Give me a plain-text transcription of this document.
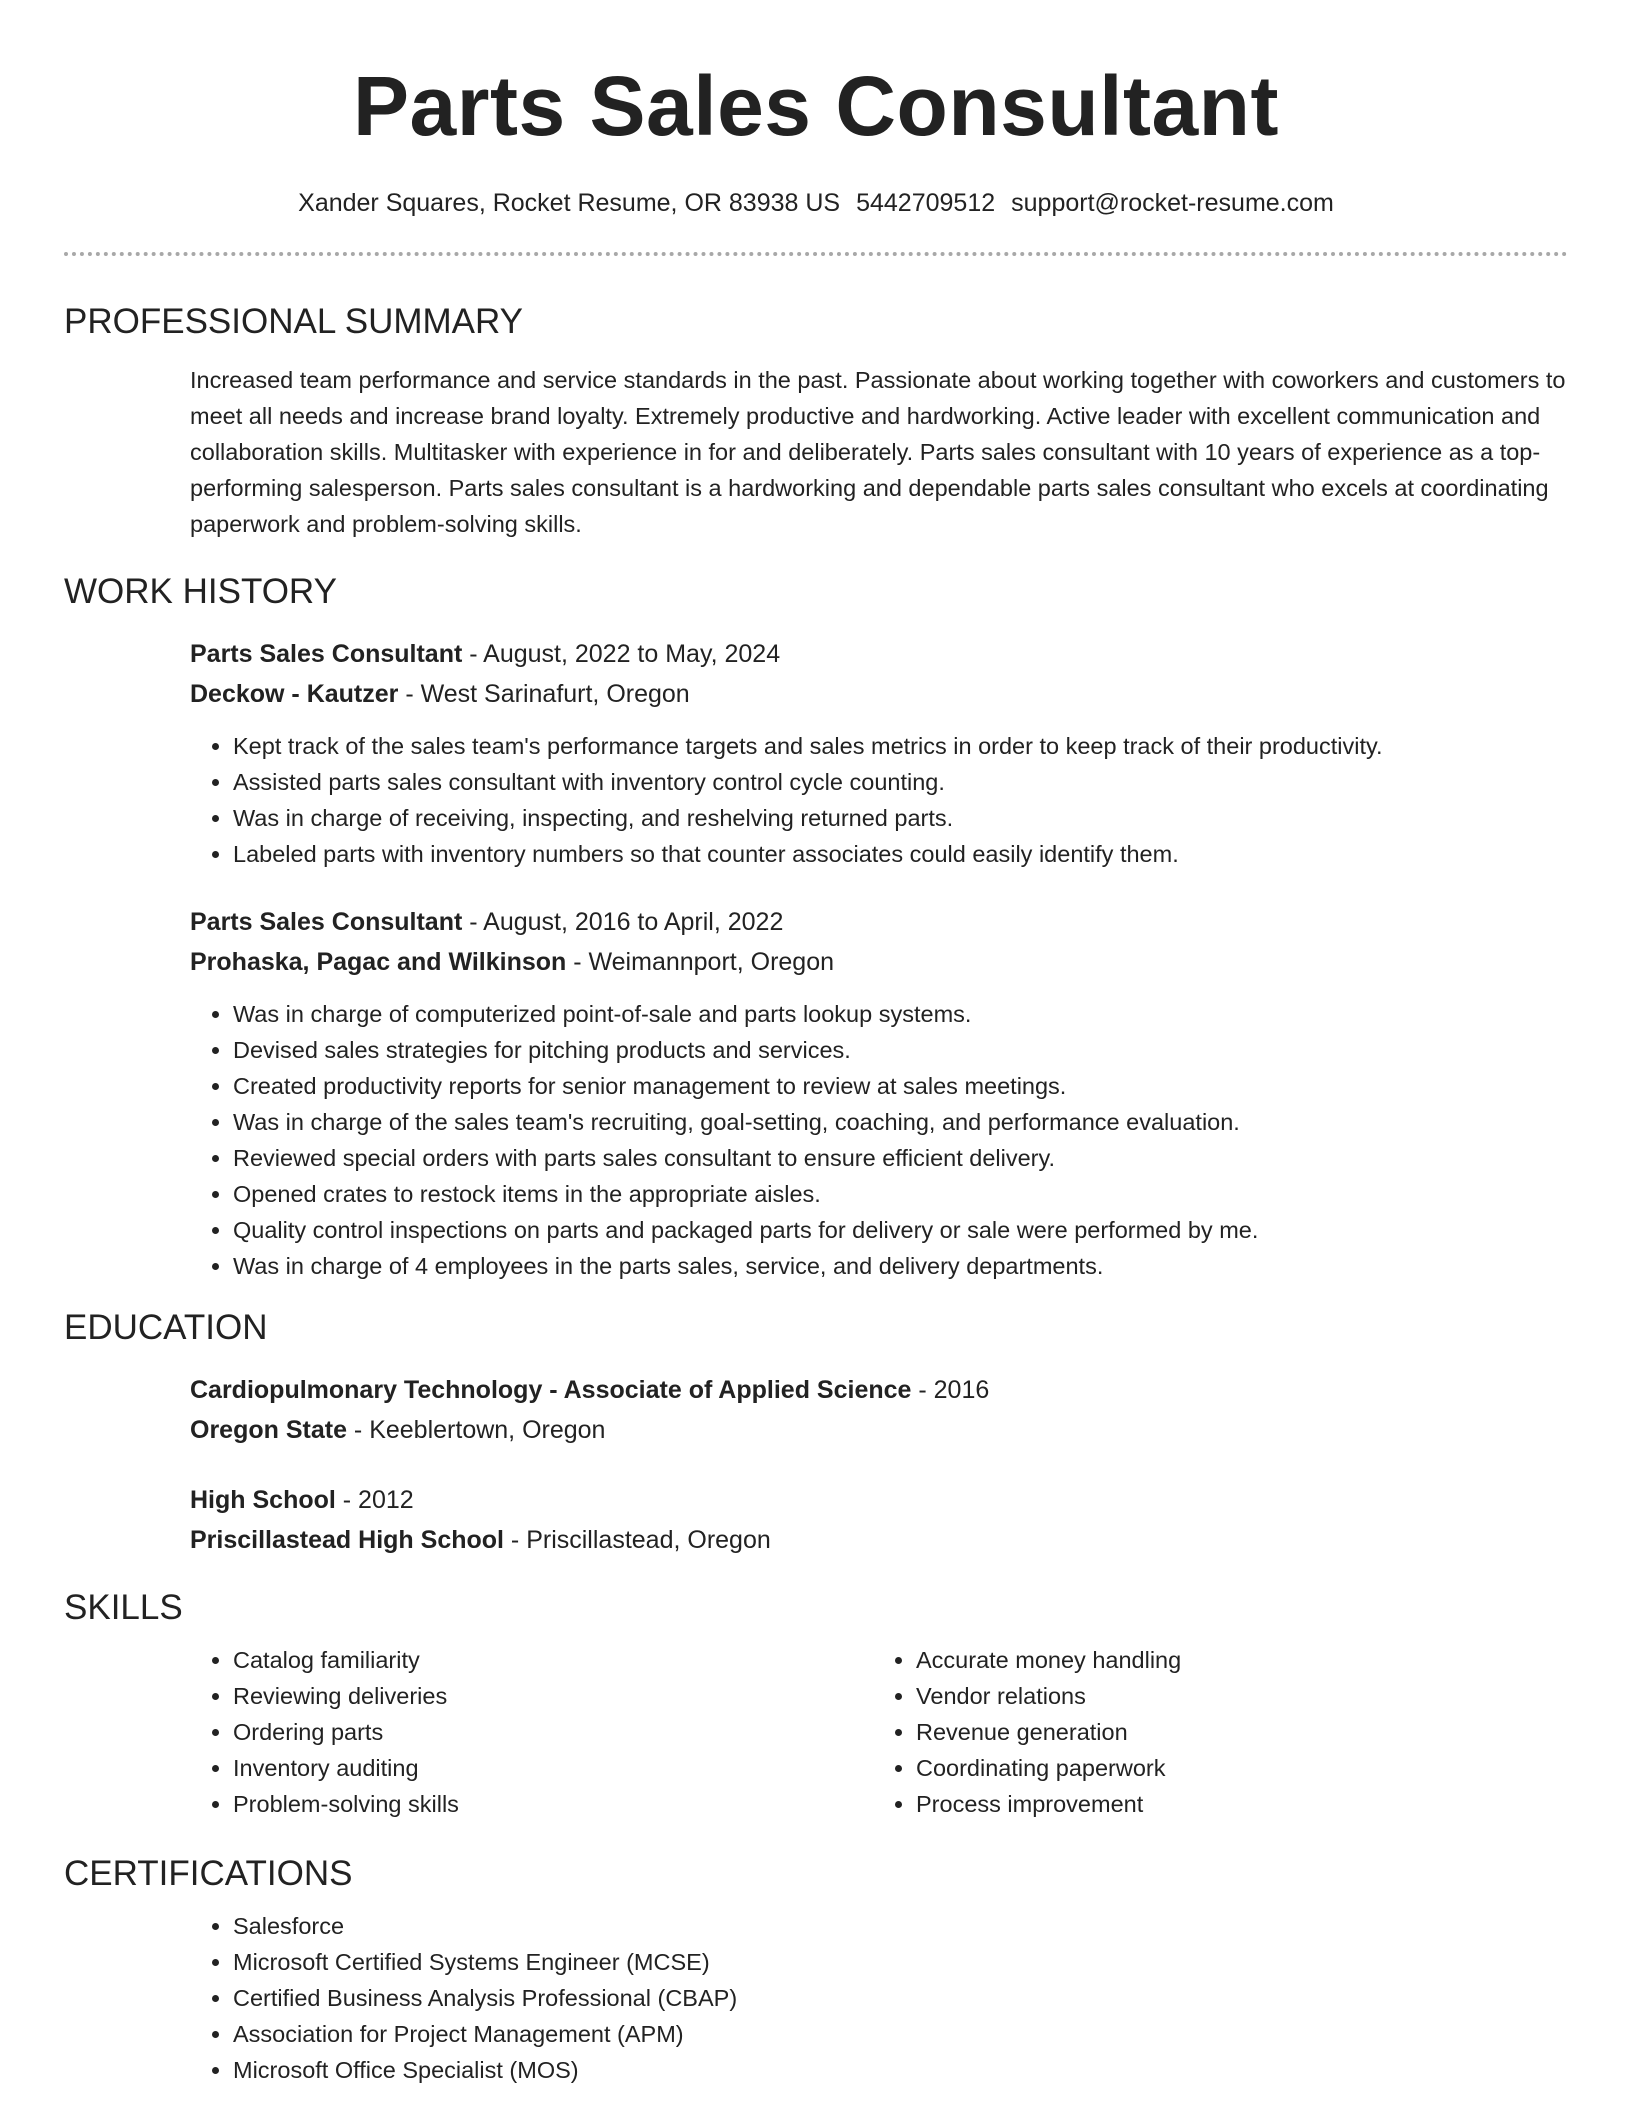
Parts Sales Consultant
Xander Squares, Rocket Resume, OR 83938 US 5442709512 support@rocket-resume.com
PROFESSIONAL SUMMARY
Increased team performance and service standards in the past. Passionate about working together with coworkers and customers to meet all needs and increase brand loyalty. Extremely productive and hardworking. Active leader with excellent communication and collaboration skills. Multitasker with experience in for and deliberately. Parts sales consultant with 10 years of experience as a top-performing salesperson. Parts sales consultant is a hardworking and dependable parts sales consultant who excels at coordinating paperwork and problem-solving skills.
WORK HISTORY
Parts Sales Consultant - August, 2022 to May, 2024
Deckow - Kautzer - West Sarinafurt, Oregon
• Kept track of the sales team's performance targets and sales metrics in order to keep track of their productivity.
• Assisted parts sales consultant with inventory control cycle counting.
• Was in charge of receiving, inspecting, and reshelving returned parts.
• Labeled parts with inventory numbers so that counter associates could easily identify them.
Parts Sales Consultant - August, 2016 to April, 2022
Prohaska, Pagac and Wilkinson - Weimannport, Oregon
• Was in charge of computerized point-of-sale and parts lookup systems.
• Devised sales strategies for pitching products and services.
• Created productivity reports for senior management to review at sales meetings.
• Was in charge of the sales team's recruiting, goal-setting, coaching, and performance evaluation.
• Reviewed special orders with parts sales consultant to ensure efficient delivery.
• Opened crates to restock items in the appropriate aisles.
• Quality control inspections on parts and packaged parts for delivery or sale were performed by me.
• Was in charge of 4 employees in the parts sales, service, and delivery departments.
EDUCATION
Cardiopulmonary Technology - Associate of Applied Science - 2016
Oregon State - Keeblertown, Oregon
High School - 2012
Priscillastead High School - Priscillastead, Oregon
SKILLS
• Catalog familiarity
• Reviewing deliveries
• Ordering parts
• Inventory auditing
• Problem-solving skills
• Accurate money handling
• Vendor relations
• Revenue generation
• Coordinating paperwork
• Process improvement
CERTIFICATIONS
• Salesforce
• Microsoft Certified Systems Engineer (MCSE)
• Certified Business Analysis Professional (CBAP)
• Association for Project Management (APM)
• Microsoft Office Specialist (MOS)
